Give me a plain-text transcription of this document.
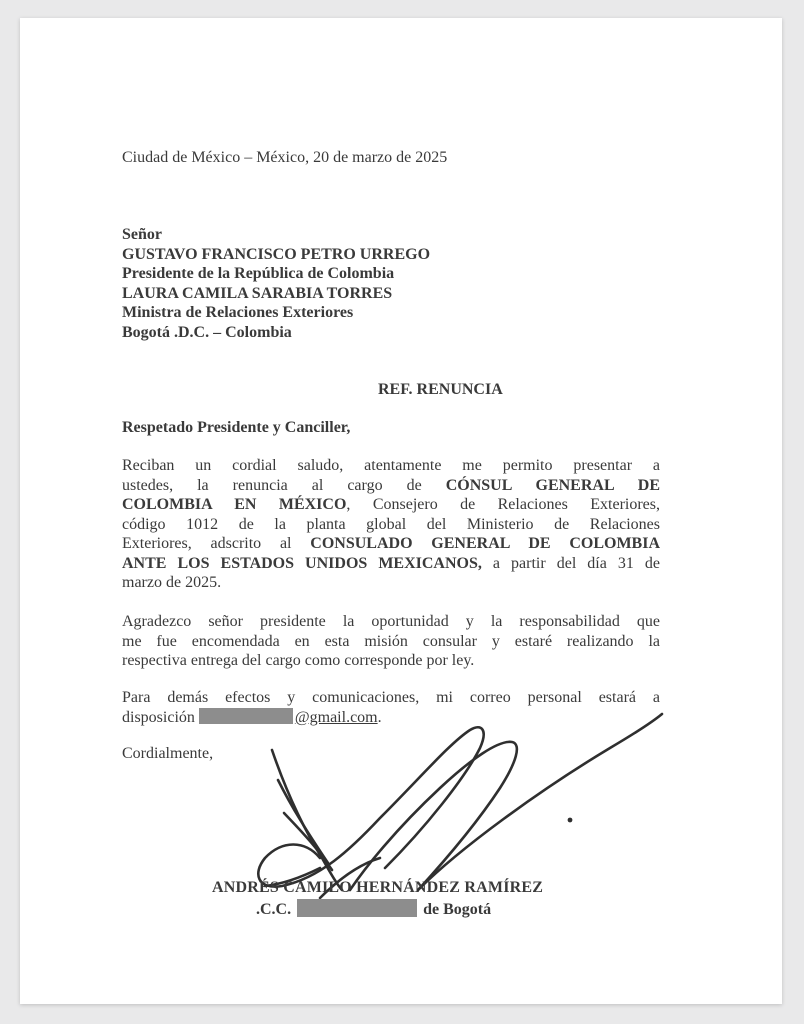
Ciudad de México – México, 20 de marzo de 2025
Señor
GUSTAVO FRANCISCO PETRO URREGO
Presidente de la República de Colombia
LAURA CAMILA SARABIA TORRES
Ministra de Relaciones Exteriores
Bogotá .D.C. – Colombia
REF. RENUNCIA
Respetado Presidente y Canciller,
Reciban un cordial saludo, atentamente me permito presentar a
ustedes, la renuncia al cargo de CÓNSUL GENERAL DE
COLOMBIA EN MÉXICO, Consejero de Relaciones Exteriores,
código 1012 de la planta global del Ministerio de Relaciones
Exteriores, adscrito al CONSULADO GENERAL DE COLOMBIA
ANTE LOS ESTADOS UNIDOS MEXICANOS, a partir del día 31 de
marzo de 2025.
Agradezco señor presidente la oportunidad y la responsabilidad que
me fue encomendada en esta misión consular y estaré realizando la
respectiva entrega del cargo como corresponde por ley.
Para demás efectos y comunicaciones, mi correo personal estará a
disposición	@gmail.com.
Cordialmente,
ANDRÉS CAMILO HERNÁNDEZ RAMÍREZ
.C.C.	de Bogotá
